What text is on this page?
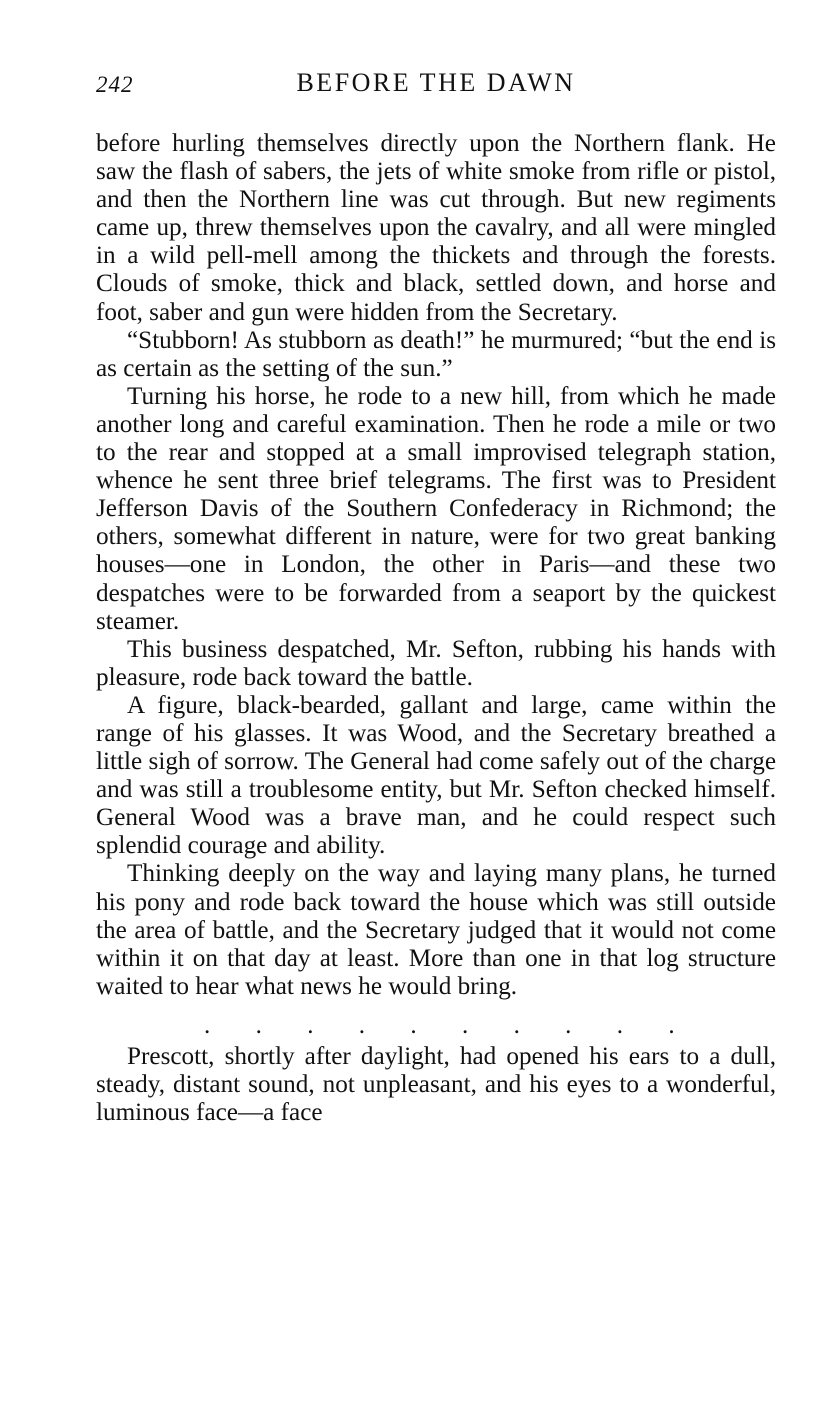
242	BEFORE THE DAWN

before hurling themselves directly upon the Northern flank. He saw the flash of sabers, the jets of white smoke from rifle or pistol, and then the Northern line was cut through. But new regiments came up, threw themselves upon the cavalry, and all were mingled in a wild pell-mell among the thickets and through the forests. Clouds of smoke, thick and black, settled down, and horse and foot, saber and gun were hidden from the Secretary.

“Stubborn! As stubborn as death!” he murmured; “but the end is as certain as the setting of the sun.”

Turning his horse, he rode to a new hill, from which he made another long and careful examination. Then he rode a mile or two to the rear and stopped at a small improvised telegraph station, whence he sent three brief telegrams. The first was to President Jefferson Davis of the Southern Confederacy in Richmond; the others, somewhat different in nature, were for two great banking houses—one in London, the other in Paris—and these two despatches were to be forwarded from a seaport by the quickest steamer.

This business despatched, Mr. Sefton, rubbing his hands with pleasure, rode back toward the battle.

A figure, black-bearded, gallant and large, came within the range of his glasses. It was Wood, and the Secretary breathed a little sigh of sorrow. The General had come safely out of the charge and was still a troublesome entity, but Mr. Sefton checked himself. General Wood was a brave man, and he could respect such splendid courage and ability.

Thinking deeply on the way and laying many plans, he turned his pony and rode back toward the house which was still outside the area of battle, and the Secretary judged that it would not come within it on that day at least. More than one in that log structure waited to hear what news he would bring.

. . . . . . . . . .

Prescott, shortly after daylight, had opened his ears to a dull, steady, distant sound, not unpleasant, and his eyes to a wonderful, luminous face—a face
